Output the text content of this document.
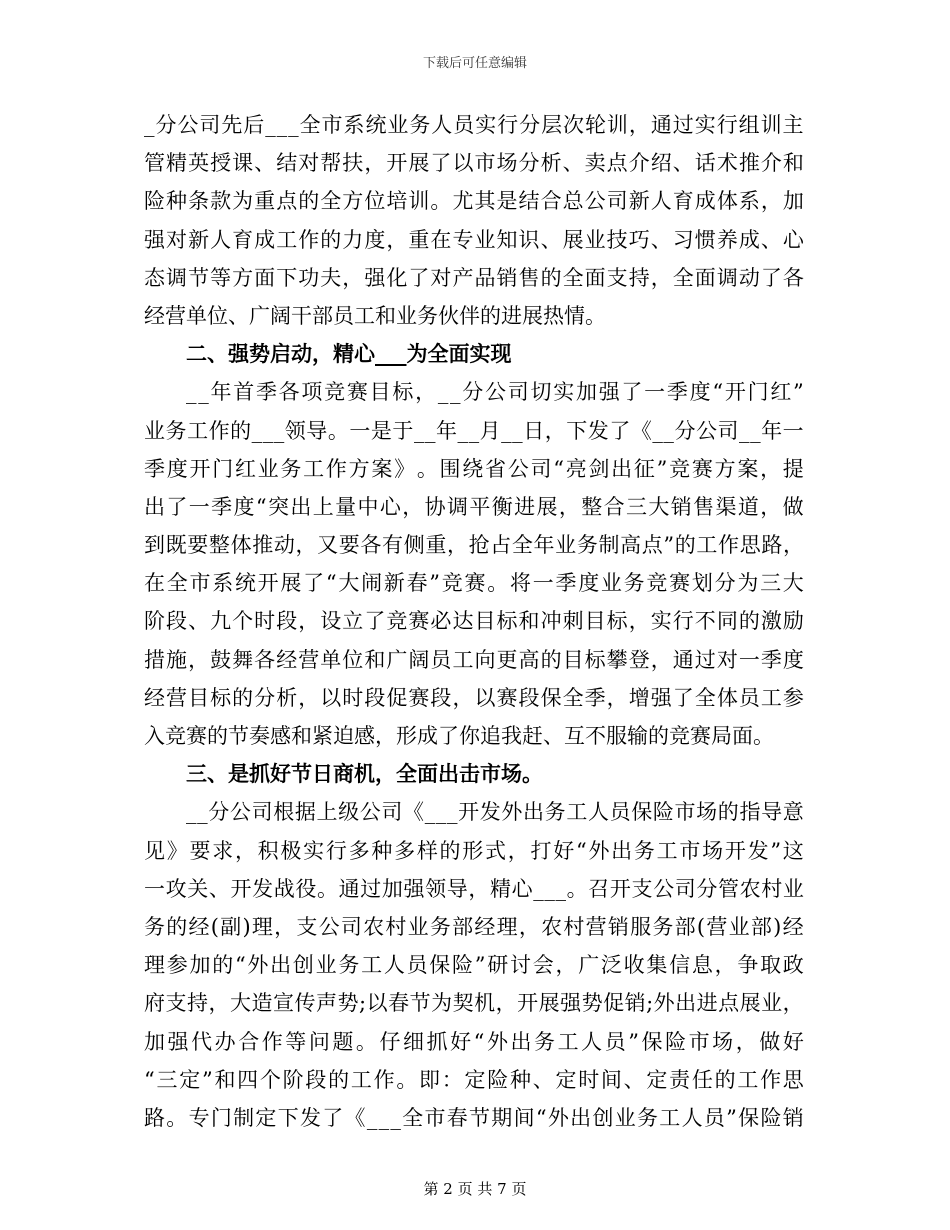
下载后可任意编辑
_ 分 公 司 先 后 _ _ _ 全 市 系 统 业 务 人 员 实 行 分 层 次 轮 训 ， 通 过 实 行 组 训 主
管 精 英 授 课 、 结 对 帮 扶 ， 开 展 了 以 市 场 分 析 、 卖 点 介 绍 、 话 术 推 介 和
险 种 条 款 为 重 点 的 全 方 位 培 训 。 尤 其 是 结 合 总 公 司 新 人 育 成 体 系 ， 加
强 对 新 人 育 成 工 作 的 力 度 ， 重 在 专 业 知 识 、 展 业 技 巧 、 习 惯 养 成 、 心
态 调 节 等 方 面 下 功 夫 ， 强 化 了 对 产 品 销 售 的 全 面 支 持 ， 全 面 调 动 了 各
经营单位、广阔干部员工和业务伙伴的进展热情。
二、强势启动，精心___为全面实现
_ _ 年 首 季 各 项 竞 赛 目 标 ， _ _ 分 公 司 切 实 加 强 了 一 季 度 “ 开 门 红 ”
业 务 工 作 的 _ _ _ 领 导 。 一 是 于 _ _ 年 _ _ 月 _ _ 日 ， 下 发 了 《 _ _ 分 公 司 _ _ 年 一
季 度 开 门 红 业 务 工 作 方 案 》 。 围 绕 省 公 司 “ 亮 剑 出 征 ” 竞 赛 方 案 ， 提
出 了 一 季 度 “ 突 出 上 量 中 心 ， 协 调 平 衡 进 展 ， 整 合 三 大 销 售 渠 道 ， 做
到 既 要 整 体 推 动 ， 又 要 各 有 侧 重 ， 抢 占 全 年 业 务 制 高 点 ” 的 工 作 思 路 ，
在 全 市 系 统 开 展 了 “ 大 闹 新 春 ” 竞 赛 。 将 一 季 度 业 务 竞 赛 划 分 为 三 大
阶 段 、 九 个 时 段 ， 设 立 了 竞 赛 必 达 目 标 和 冲 刺 目 标 ， 实 行 不 同 的 激 励
措 施 ， 鼓 舞 各 经 营 单 位 和 广 阔 员 工 向 更 高 的 目 标 攀 登 ， 通 过 对 一 季 度
经 营 目 标 的 分 析 ， 以 时 段 促 赛 段 ， 以 赛 段 保 全 季 ， 增 强 了 全 体 员 工 参
入竞赛的节奏感和紧迫感，形成了你追我赶、互不服输的竞赛局面。
三、是抓好节日商机，全面出击市场。
_ _ 分 公 司 根 据 上 级 公 司 《 _ _ _ 开 发 外 出 务 工 人 员 保 险 市 场 的 指 导 意
见 》 要 求 ， 积 极 实 行 多 种 多 样 的 形 式 ， 打 好 “ 外 出 务 工 市 场 开 发 ” 这
一 攻 关 、 开 发 战 役 。 通 过 加 强 领 导 ， 精 心 _ _ _ 。 召 开 支 公 司 分 管 农 村 业
务 的 经 ( 副 ) 理 ， 支 公 司 农 村 业 务 部 经 理 ， 农 村 营 销 服 务 部 ( 营 业 部 ) 经
理 参 加 的 “ 外 出 创 业 务 工 人 员 保 险 ” 研 讨 会 ， 广 泛 收 集 信 息 ， 争 取 政
府 支 持 ， 大 造 宣 传 声 势 ; 以 春 节 为 契 机 ， 开 展 强 势 促 销 ; 外 出 进 点 展 业 ，
加 强 代 办 合 作 等 问 题 。 仔 细 抓 好 “ 外 出 务 工 人 员 ” 保 险 市 场 ， 做 好
“ 三 定 ” 和 四 个 阶 段 的 工 作 。 即 ： 定 险 种 、 定 时 间 、 定 责 任 的 工 作 思
路 。 专 门 制 定 下 发 了 《 _ _ _ 全 市 春 节 期 间 “ 外 出 创 业 务 工 人 员 ” 保 险 销
第 2 页 共 7 页
